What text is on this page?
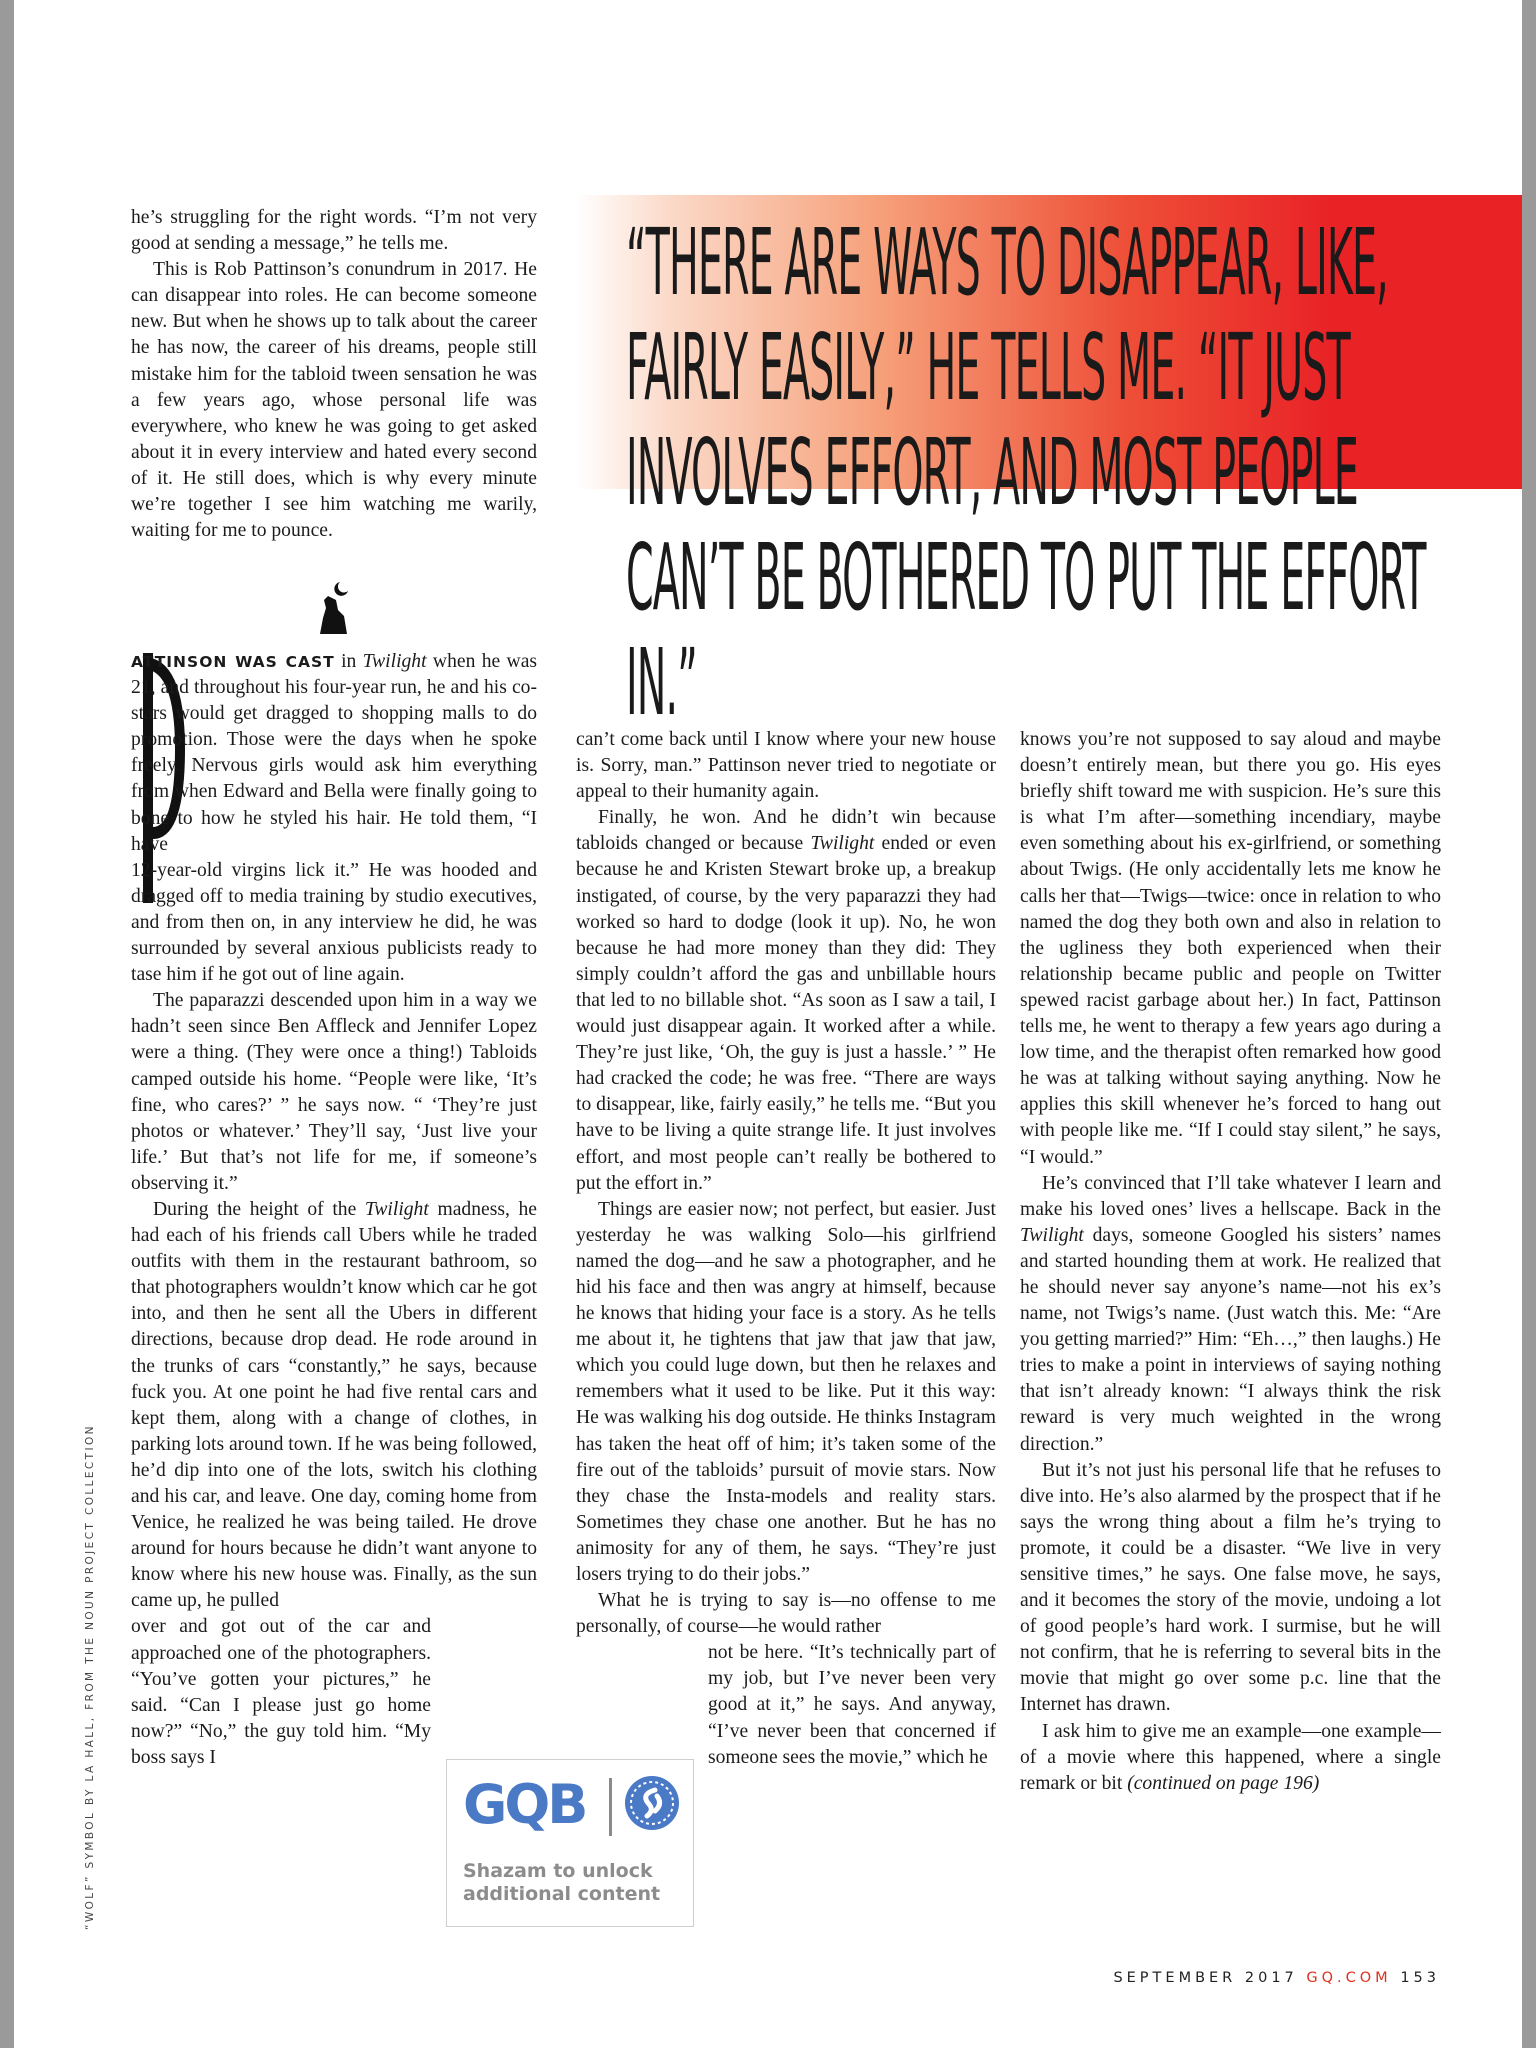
he’s struggling for the right words. “I’m not very good at sending a message,” he tells me.

This is Rob Pattinson’s conundrum in 2017. He can disappear into roles. He can become someone new. But when he shows up to talk about the career he has now, the career of his dreams, people still mistake him for the tabloid tween sensation he was a few years ago, whose personal life was everywhere, who knew he was going to get asked about it in every interview and hated every second of it. He still does, which is why every minute we’re together I see him watching me warily, waiting for me to pounce.

ATTINSON WAS CAST in Twilight when he was 21, and throughout his four-year run, he and his co-stars would get dragged to shopping malls to do promotion. Those were the days when he spoke freely. Nervous girls would ask him everything from when Edward and Bella were finally going to bone to how he styled his hair. He told them, “I have

12-year-old virgins lick it.” He was hooded and dragged off to media training by studio executives, and from then on, in any interview he did, he was surrounded by several anxious publicists ready to tase him if he got out of line again.

The paparazzi descended upon him in a way we hadn’t seen since Ben Affleck and Jennifer Lopez were a thing. (They were once a thing!) Tabloids camped outside his home. “People were like, ‘It’s fine, who cares?’ ” he says now. “ ‘They’re just photos or whatever.’ They’ll say, ‘Just live your life.’ But that’s not life for me, if someone’s observing it.”

During the height of the Twilight madness, he had each of his friends call Ubers while he traded outfits with them in the restaurant bathroom, so that photographers wouldn’t know which car he got into, and then he sent all the Ubers in different directions, because drop dead. He rode around in the trunks of cars “constantly,” he says, because fuck you. At one point he had five rental cars and kept them, along with a change of clothes, in parking lots around town. If he was being followed, he’d dip into one of the lots, switch his clothing and his car, and leave. One day, coming home from Venice, he realized he was being tailed. He drove around for hours because he didn’t want anyone to know where his new house was. Finally, as the sun came up, he pulled

over and got out of the car and approached one of the photographers. “You’ve gotten your pictures,” he said. “Can I please just go home now?” “No,” the guy told him. “My boss says I

can’t come back until I know where your new house is. Sorry, man.” Pattinson never tried to negotiate or appeal to their humanity again.

Finally, he won. And he didn’t win because tabloids changed or because Twilight ended or even because he and Kristen Stewart broke up, a breakup instigated, of course, by the very paparazzi they had worked so hard to dodge (look it up). No, he won because he had more money than they did: They simply couldn’t afford the gas and unbillable hours that led to no billable shot. “As soon as I saw a tail, I would just disappear again. It worked after a while. They’re just like, ‘Oh, the guy is just a hassle.’ ” He had cracked the code; he was free. “There are ways to disappear, like, fairly easily,” he tells me. “But you have to be living a quite strange life. It just involves effort, and most people can’t really be bothered to put the effort in.”

Things are easier now; not perfect, but easier. Just yesterday he was walking Solo—his girlfriend named the dog—and he saw a photographer, and he hid his face and then was angry at himself, because he knows that hiding your face is a story. As he tells me about it, he tightens that jaw that jaw that jaw, which you could luge down, but then he relaxes and remembers what it used to be like. Put it this way: He was walking his dog outside. He thinks Instagram has taken the heat off of him; it’s taken some of the fire out of the tabloids’ pursuit of movie stars. Now they chase the Insta-models and reality stars. Sometimes they chase one another. But he has no animosity for any of them, he says. “They’re just losers trying to do their jobs.”

What he is trying to say is—no offense to me personally, of course—he would rather

not be here. “It’s technically part of my job, but I’ve never been very good at it,” he says. And anyway, “I’ve never been that concerned if someone sees the movie,” which he

knows you’re not supposed to say aloud and maybe doesn’t entirely mean, but there you go. His eyes briefly shift toward me with suspicion. He’s sure this is what I’m after—something incendiary, maybe even something about his ex-girlfriend, or something about Twigs. (He only accidentally lets me know he calls her that—Twigs—twice: once in relation to who named the dog they both own and also in relation to the ugliness they both experienced when their relationship became public and people on Twitter spewed racist garbage about her.) In fact, Pattinson tells me, he went to therapy a few years ago during a low time, and the therapist often remarked how good he was at talking without saying anything. Now he applies this skill whenever he’s forced to hang out with people like me. “If I could stay silent,” he says, “I would.”

He’s convinced that I’ll take whatever I learn and make his loved ones’ lives a hellscape. Back in the Twilight days, someone Googled his sisters’ names and started hounding them at work. He realized that he should never say anyone’s name—not his ex’s name, not Twigs’s name. (Just watch this. Me: “Are you getting married?” Him: “Eh…,” then laughs.) He tries to make a point in interviews of saying nothing that isn’t already known: “I always think the risk reward is very much weighted in the wrong direction.”

But it’s not just his personal life that he refuses to dive into. He’s also alarmed by the prospect that if he says the wrong thing about a film he’s trying to promote, it could be a disaster. “We live in very sensitive times,” he says. One false move, he says, and it becomes the story of the movie, undoing a lot of good people’s hard work. I surmise, but he will not confirm, that he is referring to several bits in the movie that might go over some p.c. line that the Internet has drawn.

I ask him to give me an example—one example—of a movie where this happened, where a single remark or bit (continued on page 196)

“THERE ARE WAYS TO DISAPPEAR, LIKE, FAIRLY EASILY,” HE TELLS ME. “IT JUST INVOLVES EFFORT, AND MOST PEOPLE CAN’T BE BOTHERED TO PUT THE EFFORT IN.”
GQB
Shazam to unlock additional content
“WOLF” SYMBOL BY LA HALL, FROM THE NOUN PROJECT COLLECTION
SEPTEMBER 2017 GQ.COM 153
